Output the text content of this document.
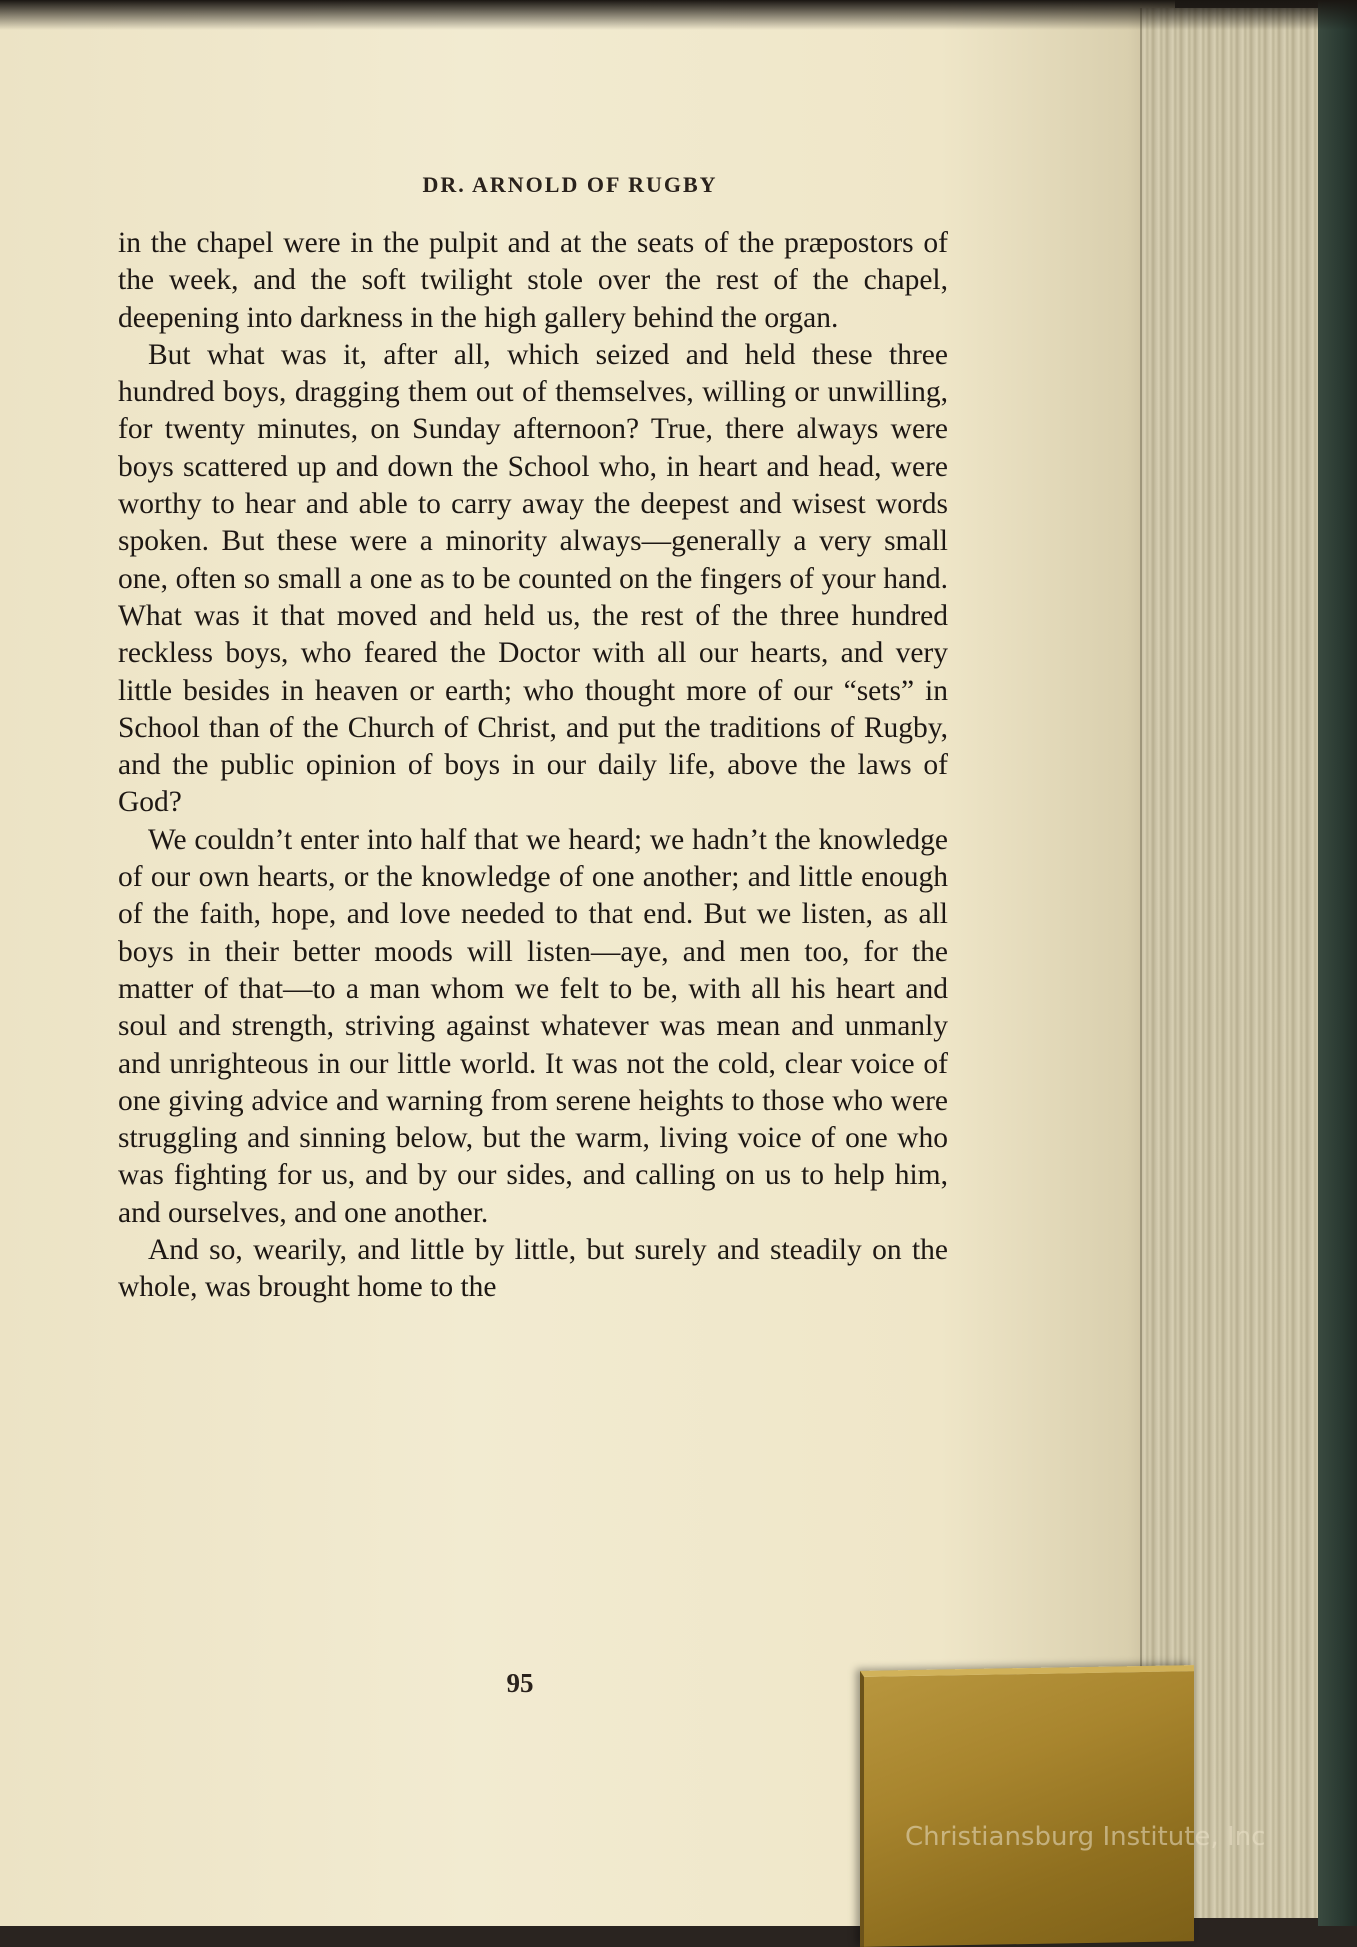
DR. ARNOLD OF RUGBY

in the chapel were in the pulpit and at the seats of the præpostors of the week, and the soft twilight stole over the rest of the chapel, deepening into darkness in the high gallery behind the organ.

But what was it, after all, which seized and held these three hundred boys, dragging them out of themselves, willing or unwilling, for twenty minutes, on Sunday afternoon? True, there always were boys scattered up and down the School who, in heart and head, were worthy to hear and able to carry away the deepest and wisest words spoken. But these were a minority always—generally a very small one, often so small a one as to be counted on the fingers of your hand. What was it that moved and held us, the rest of the three hundred reckless boys, who feared the Doctor with all our hearts, and very little besides in heaven or earth; who thought more of our “sets” in School than of the Church of Christ, and put the traditions of Rugby, and the public opinion of boys in our daily life, above the laws of God?

We couldn’t enter into half that we heard; we hadn’t the knowledge of our own hearts, or the knowledge of one another; and little enough of the faith, hope, and love needed to that end. But we listen, as all boys in their better moods will listen—aye, and men too, for the matter of that—to a man whom we felt to be, with all his heart and soul and strength, striving against whatever was mean and unmanly and unrighteous in our little world. It was not the cold, clear voice of one giving advice and warning from serene heights to those who were struggling and sinning below, but the warm, living voice of one who was fighting for us, and by our sides, and calling on us to help him, and ourselves, and one another.

And so, wearily, and little by little, but surely and steadily on the whole, was brought home to the

95
Christiansburg Institute, Inc
